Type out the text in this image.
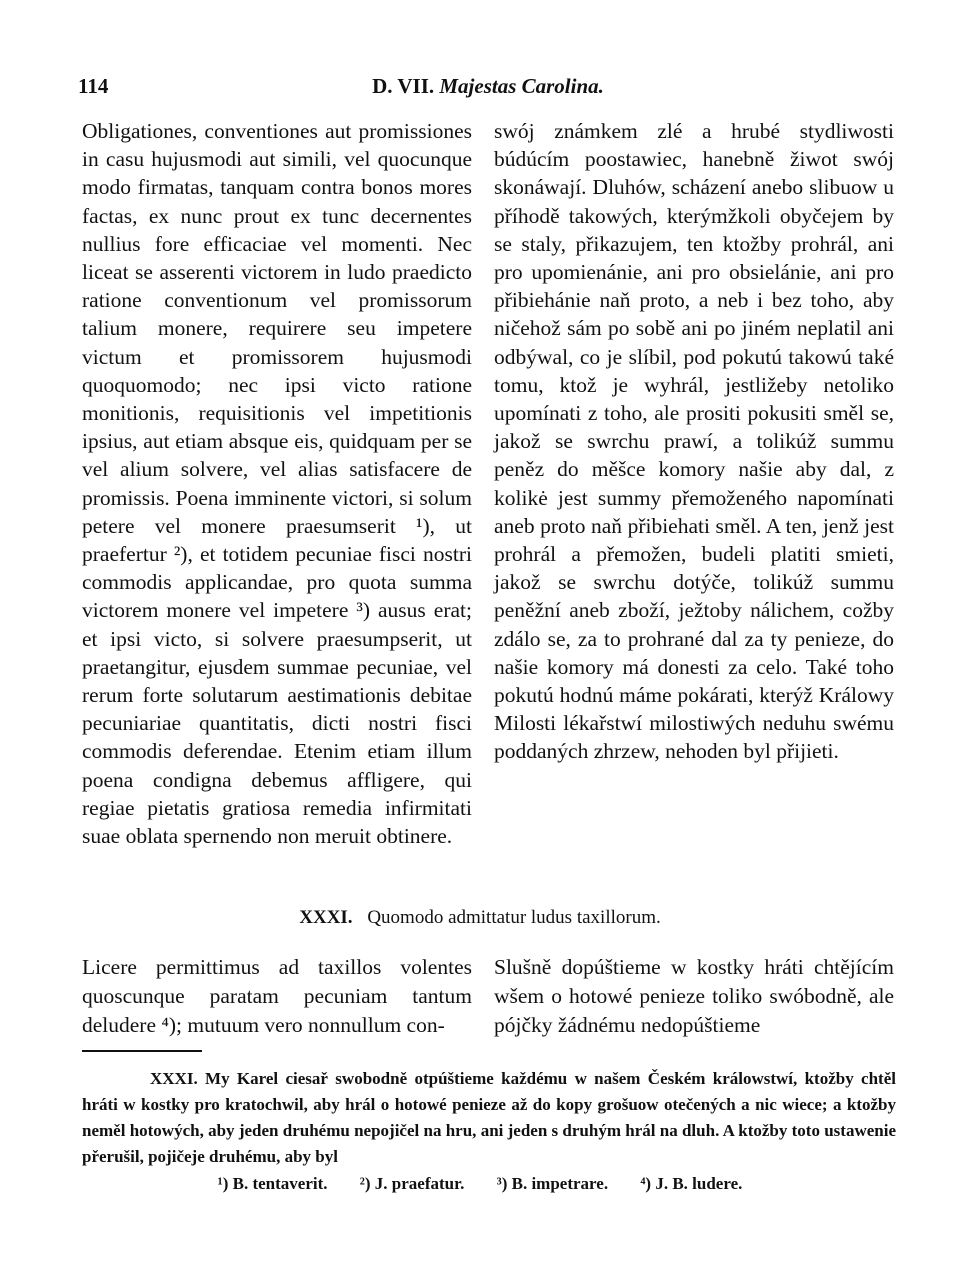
114	D. VII. Majestas Carolina.

Obligationes, conventiones aut promissiones in casu hujusmodi aut simili, vel quocunque modo firmatas, tanquam contra bonos mores factas, ex nunc prout ex tunc decernentes nullius fore efficaciae vel momenti. Nec liceat se asserenti victorem in ludo praedicto ratione conventionum vel promissorum talium monere, requirere seu impetere victum et promissorem hujusmodi quoquomodo; nec ipsi victo ratione monitionis, requisitionis vel impetitionis ipsius, aut etiam absque eis, quidquam per se vel alium solvere, vel alias satisfacere de promissis. Poena imminente victori, si solum petere vel monere praesumserit ¹), ut praefertur ²), et totidem pecuniae fisci nostri commodis applicandae, pro quota summa victorem monere vel impetere ³) ausus erat; et ipsi victo, si solvere praesumpserit, ut praetangitur, ejusdem summae pecuniae, vel rerum forte solutarum aestimationis debitae pecuniariae quantitatis, dicti nostri fisci commodis deferendae. Etenim etiam illum poena condigna debemus affligere, qui regiae pietatis gratiosa remedia infirmitati suae oblata spernendo non meruit obtinere.

swój známkem zlé a hrubé stydliwosti búdúcím poostawiec, hanebně žiwot swój skonáwají. Dluhów, scházení anebo slibuow u příhodě takowých, kterýmžkoli obyčejem by se staly, přikazujem, ten ktožby prohrál, ani pro upomienánie, ani pro obsielánie, ani pro přibiehánie naň proto, a neb i bez toho, aby ničehož sám po sobě ani po jiném neplatil ani odbýwal, co je slíbil, pod pokutú takowú také tomu, ktož je wyhrál, jestližeby netoliko upomínati z toho, ale prositi pokusiti směl se, jakož se swrchu prawí, a tolikúž summu peněz do měšce komory našie aby dal, z kolikė jest summy přemoženého napomínati aneb proto naň přibiehati směl. A ten, jenž jest prohrál a přemožen, budeli platiti smieti, jakož se swrchu dotýče, tolikúž summu peněžní aneb zboží, ježtoby nálichem, cožby zdálo se, za to prohrané dal za ty penieze, do našie komory má donesti za celo. Také toho pokutú hodnú máme pokárati, kterýž Králowy Milosti lékařstwí milostiwých neduhu swému poddaných zhrzew, nehoden byl přijieti.

XXXI. Quomodo admittatur ludus taxillorum.

Licere permittimus ad taxillos volentes quoscunque paratam pecuniam tantum deludere ⁴); mutuum vero nonnullum con-

Slušně dopúštieme w kostky hráti chtějícím wšem o hotowé penieze toliko swóbodně, ale pójčky žádnému nedopúštieme

XXXI. My Karel ciesař swobodně otpúštieme každému w našem Českém králowstwí, ktožby chtěl hráti w kostky pro kratochwil, aby hrál o hotowé penieze až do kopy grošuow otečených a nic wiece; a ktožby neměl hotowých, aby jeden druhému nepojičel na hru, ani jeden s druhým hrál na dluh. A ktožby toto ustawenie přerušil, pojičeje druhému, aby byl

¹) B. tentaverit. ²) J. praefatur. ³) B. impetrare. ⁴) J. B. ludere.
